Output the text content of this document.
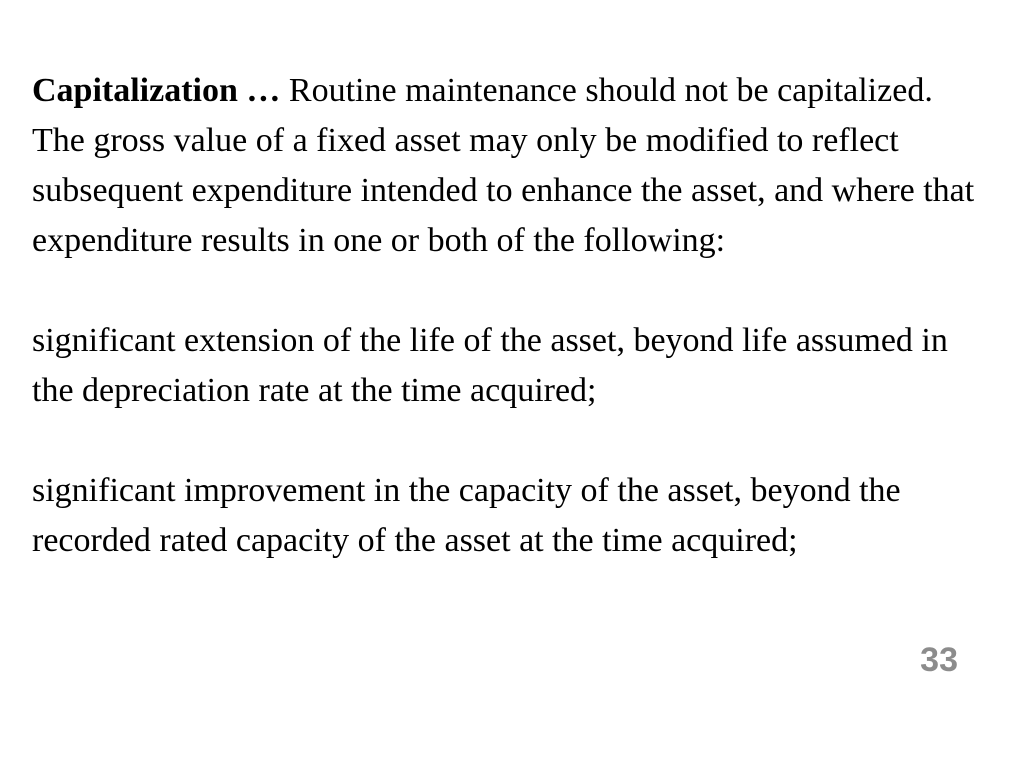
Capitalization … Routine maintenance should not be capitalized. The gross value of a fixed asset may only be modified to reflect subsequent expenditure intended to enhance the asset, and where that expenditure results in one or both of the following:

significant extension of the life of the asset, beyond life assumed in the depreciation rate at the time acquired;

significant improvement in the capacity of the asset, beyond the recorded rated capacity of the asset at the time acquired;

33
